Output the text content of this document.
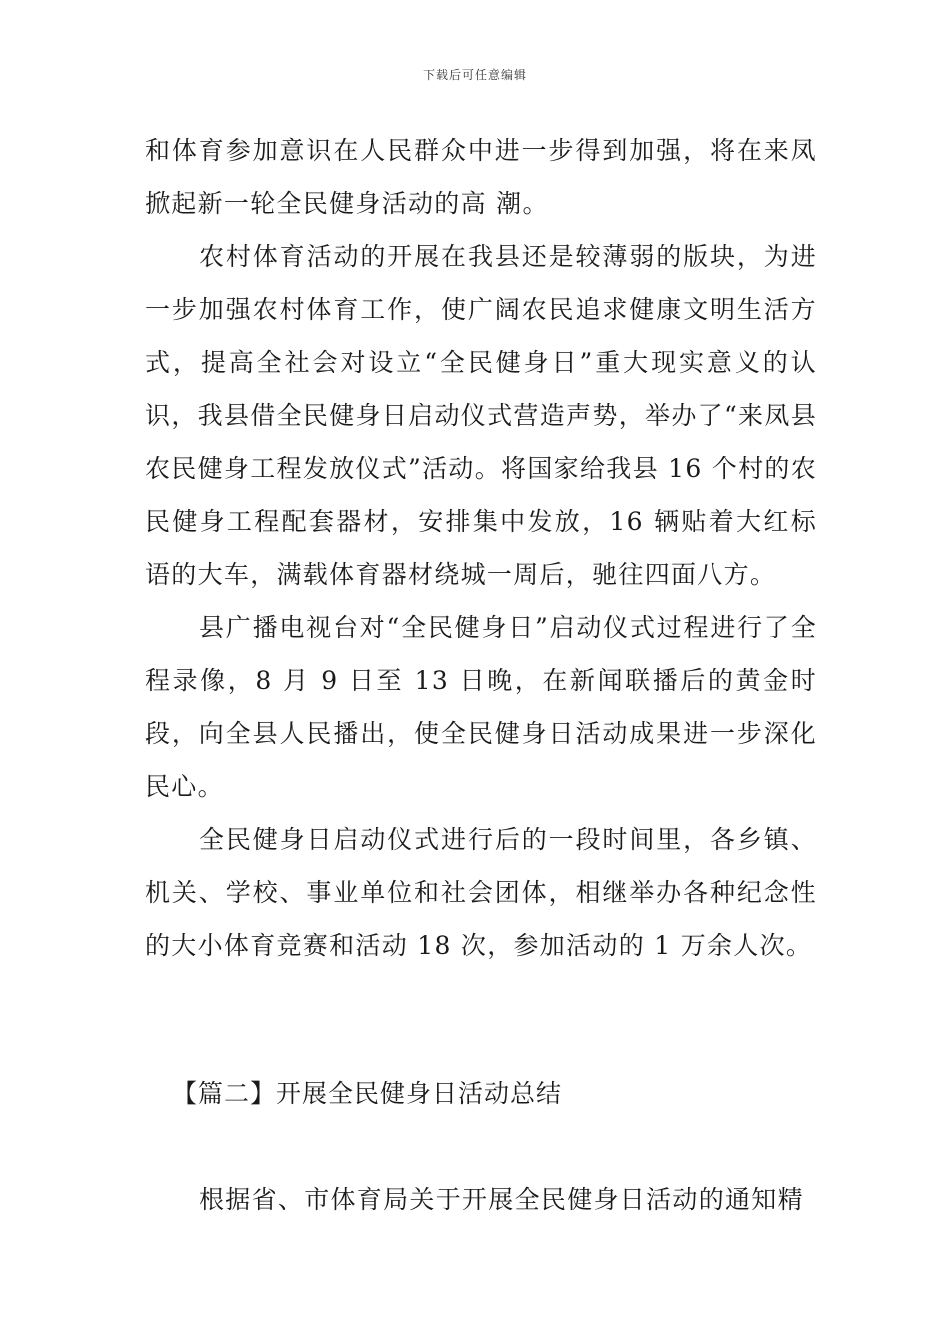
下载后可任意编辑

和体育参加意识在人民群众中进一步得到加强，将在来凤掀起新一轮全民健身活动的高 潮。

农村体育活动的开展在我县还是较薄弱的版块，为进一步加强农村体育工作，使广阔农民追求健康文明生活方式，提高全社会对设立“全民健身日”重大现实意义的认识，我县借全民健身日启动仪式营造声势，举办了“来凤县农民健身工程发放仪式”活动。将国家给我县 16 个村的农民健身工程配套器材，安排集中发放，16 辆贴着大红标语的大车，满载体育器材绕城一周后，驰往四面八方。

县广播电视台对“全民健身日”启动仪式过程进行了全程录像，8 月 9 日至 13 日晚，在新闻联播后的黄金时段，向全县人民播出，使全民健身日活动成果进一步深化民心。

全民健身日启动仪式进行后的一段时间里，各乡镇、机关、学校、事业单位和社会团体，相继举办各种纪念性的大小体育竞赛和活动 18 次，参加活动的 1 万余人次。

【篇二】开展全民健身日活动总结

根据省、市体育局关于开展全民健身日活动的通知精
